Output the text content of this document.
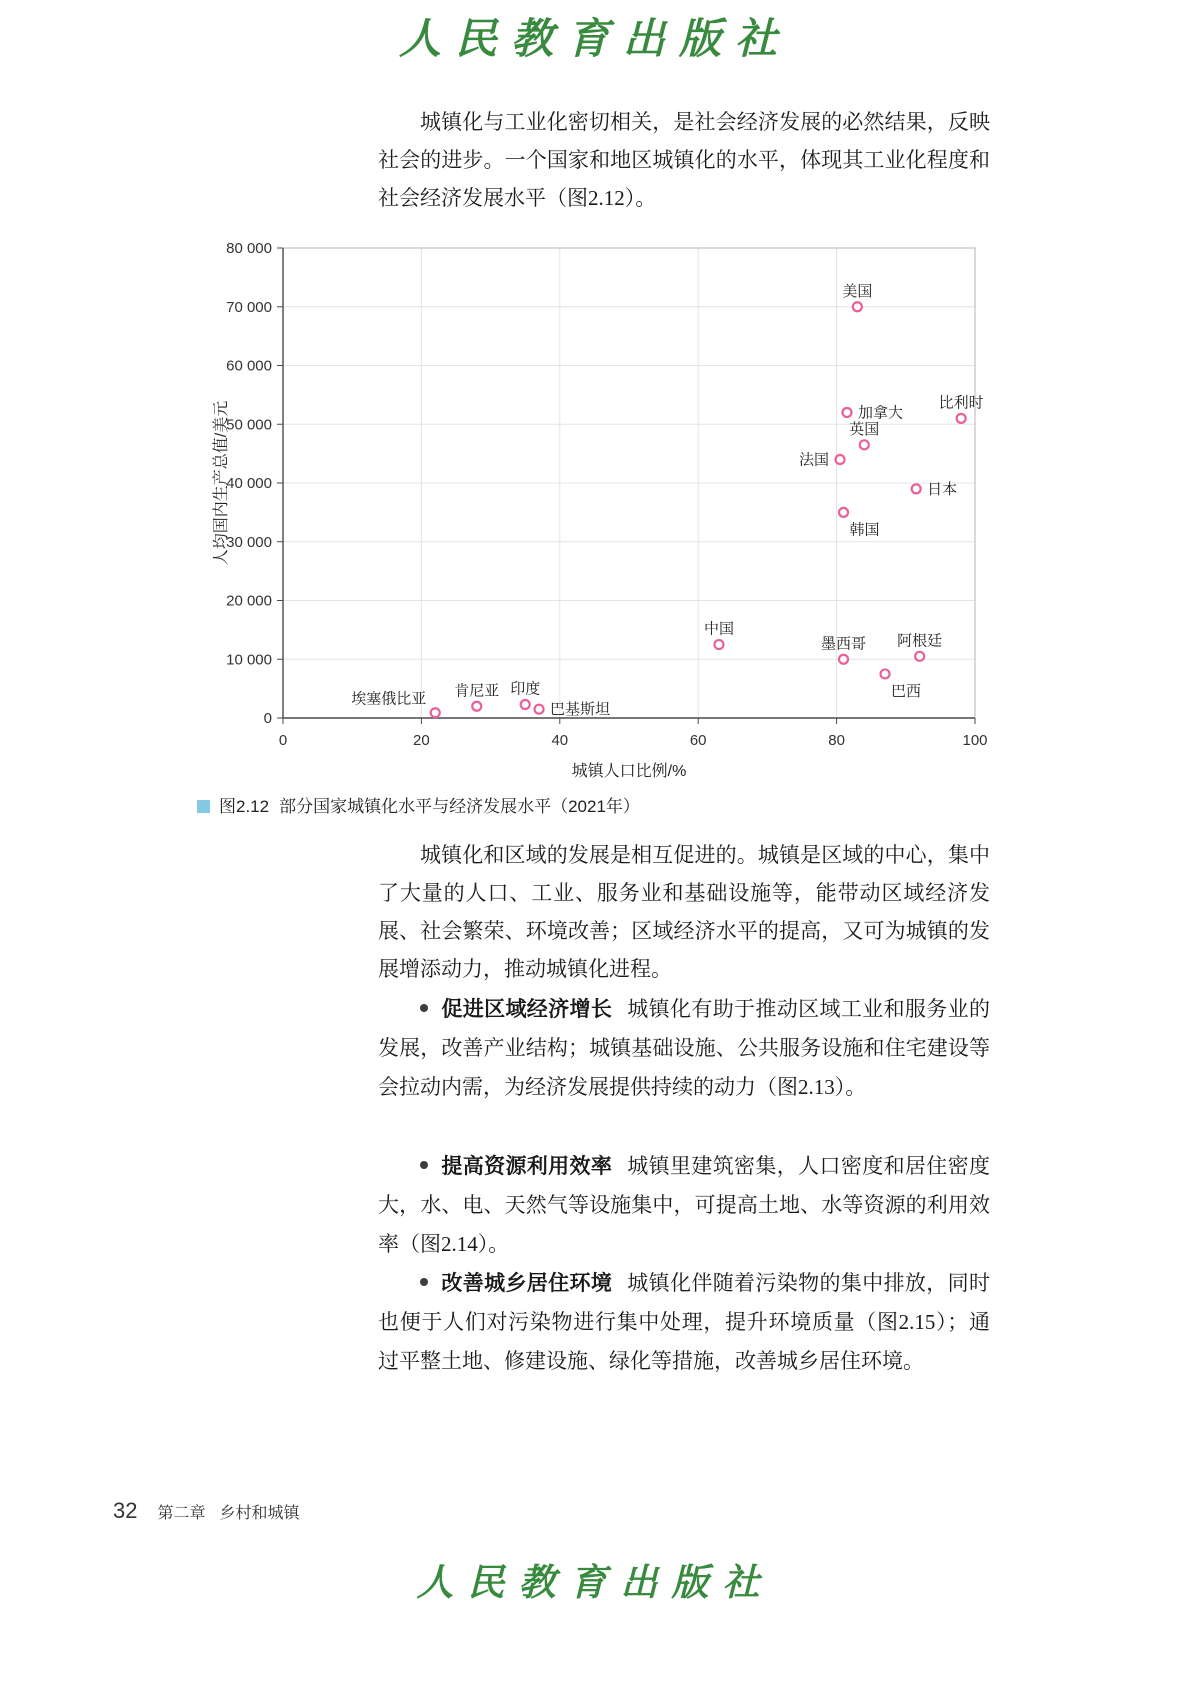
人民教育出版社

城镇化与工业化密切相关，是社会经济发展的必然结果，反映社会的进步。一个国家和地区城镇化的水平，体现其工业化程度和社会经济发展水平（图2.12）。

0
10 000
20 000
30 000
40 000
50 000
60 000
70 000
80 000
0	20	40	60	80	100
人均国内生产总值/美元
城镇人口比例/%
美国
加拿大
比利时
英国
法国
日本
韩国
中国
墨西哥 阿根廷
巴西
埃塞俄比亚 肯尼亚 印度
巴基斯坦
图2.12 部分国家城镇化水平与经济发展水平（2021年）

城镇化和区域的发展是相互促进的。城镇是区域的中心，集中了大量的人口、工业、服务业和基础设施等，能带动区域经济发展、社会繁荣、环境改善；区域经济水平的提高，又可为城镇的发展增添动力，推动城镇化进程。

促进区域经济增长 城镇化有助于推动区域工业和服务业的发展，改善产业结构；城镇基础设施、公共服务设施和住宅建设等会拉动内需，为经济发展提供持续的动力（图2.13）。

提高资源利用效率 城镇里建筑密集，人口密度和居住密度大，水、电、天然气等设施集中，可提高土地、水等资源的利用效率（图2.14）。

改善城乡居住环境 城镇化伴随着污染物的集中排放，同时也便于人们对污染物进行集中处理，提升环境质量（图2.15）；通过平整土地、修建设施、绿化等措施，改善城乡居住环境。

32 第二章 乡村和城镇
人民教育出版社
